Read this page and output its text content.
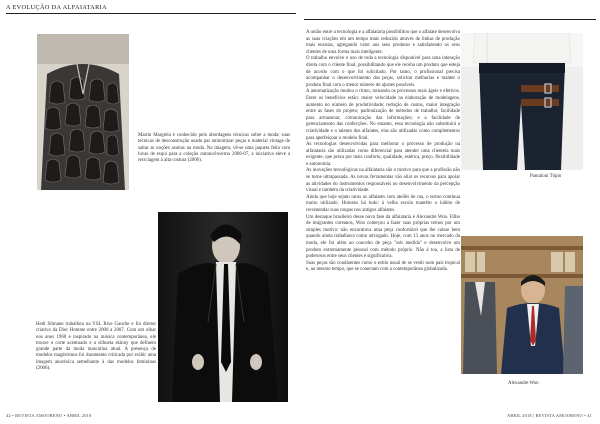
A EVOLUÇÃO DA ALFAIATARIA
Martin Margiela é conhecido pelo abordagens técnicas sobre a moda: suas técnicas de desconstrução usado par aminimizar peças e material vintage de saltar as noções asuitas na moda. Na imagem, vê-se uma jaqueta feita com luvas de esqui para a coleção outono/inverno 2006-07, a iniciativa eleve a reciclagem à alta costura (2006).
Hedi Slimane trabalhou na YSL Rive Gauche e foi diretor criativo da Dior Homme entre 2000 a 2007. Com um olhar nos anos 1960 e inspirado na música contemporânea, ele trouxe o corte acentuado e a silhueta skinny que definem grande parte da moda masculina atual. A presença de modelos magérrimos foi duramente criticada por exibir uma imagem anoréxica semelhante à das modelos femininas (2006).

A união entre a tecnologia e a alfaiataria possibilitou que o alfaiate desenvolva as suas criações em um tempo mais reduzido através de linhas de produção mais enxutas, agregando valor aos seus produtos e satisfazendo os seus clientes de uma forma mais inteligente.

O trabalho envolve o uso de toda a tecnologia disponível para uma interação direta com o cliente final, possibilitando que ele receba um produto que esteja de acordo com o que foi solicitado. Por tanto, o profissional precisa acompanhar o desenvolvimento das peças, solicitar melhorias e manter o produto final com o menor número de ajustes possíveis.

A automatização mudou o ritmo, tornando os processos mais ágeis e efetivos. Entre os benefícios estão: maior velocidade na elaboração de modelagens, aumento no número de produtividade; redução de custos, maior integração entre as fases do projeto; padronização de métodos de trabalho; facilidade para armazenar, comunicação das informações; e a facilidade de gerenciamento das confecções. No entanto, essa tecnologia não substituirá a criatividade e o talento dos alfaiates, elas são utilizadas como complementos para aperfeiçoar o modelo final.

As tecnologias desenvolvidas para melhorar o processo de produção na alfaiataria são utilizadas como diferencial para atender uma clientela mais exigente, que preza por mais conforto, qualidade, estética, preço, flexibilidade e autonomia.

As inovações tecnológicas na alfaiataria são o motivo para que a profissão não se torne ultrapassada. As novas ferramentas vão aliar os recursos para apoiar as atividades do instrumentos responsáveis no desenvolvimento da percepção visual e também da criatividade.

Ainda que hoje sejam raros os alfaiates com ateliês de rua, o termo continua muito utilizado. Homens há tudo: à velha escola mantêm o hábito de recomendar suas roupas nos antigos alfaiates.

Um destaque brasileiro desse nova fase da alfaiataria é Alexandre Won. Filho de imigrantes coreanos, Won começou a fazer suas próprias ternos por um simples motivo: não encontrava uma peça confortável que lhe caísse bem quando ainda trabalhava como advogado. Hoje, com 13 anos no mercado da moda, ele foi além ao conceito de peça "sob medida" e desenvolve um produto extremamente pessoal com método próprio. Não à toa, a lista de poderosos entre seus clientes é significativa.

Suas peças são condizentes como o estilo usual de se vestir num país tropical e, ao mesmo tempo, que se conectam com a contemporânea globalizada.

Pantaloni Tópio
Alexandre Won
42 • REVISTA AMOORENO • ABRIL 2018	ABRIL 2018 | REVISTA AMOORENO • 41
